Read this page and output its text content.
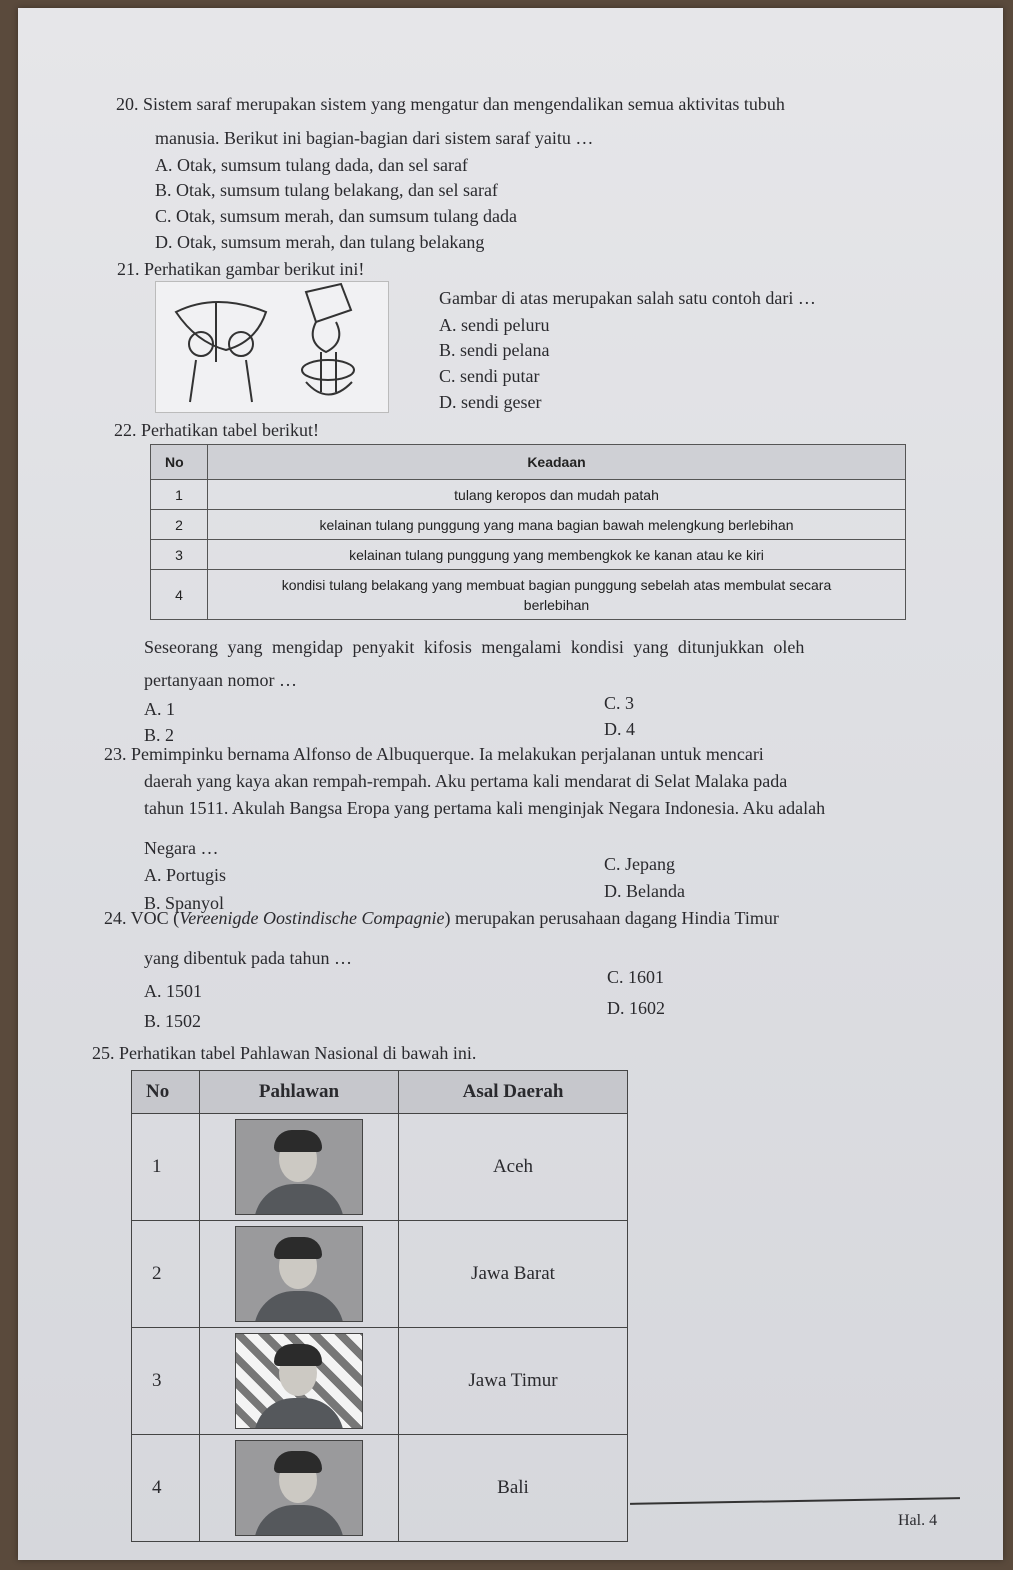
20. Sistem saraf merupakan sistem yang mengatur dan mengendalikan semua aktivitas tubuh
manusia. Berikut ini bagian-bagian dari sistem saraf yaitu …
A. Otak, sumsum tulang dada, dan sel saraf
B. Otak, sumsum tulang belakang, dan sel saraf
C. Otak, sumsum merah, dan sumsum tulang dada
D. Otak, sumsum merah, dan tulang belakang
21. Perhatikan gambar berikut ini!
Gambar di atas merupakan salah satu contoh dari …
A. sendi peluru
B. sendi pelana
C. sendi putar
D. sendi geser
22. Perhatikan tabel berikut!
No	Keadaan
1	tulang keropos dan mudah patah
2	kelainan tulang punggung yang mana bagian bawah melengkung berlebihan
3	kelainan tulang punggung yang membengkok ke kanan atau ke kiri
4	kondisi tulang belakang yang membuat bagian punggung sebelah atas membulat secara
berlebihan
Seseorang yang mengidap penyakit kifosis mengalami kondisi yang ditunjukkan oleh
pertanyaan nomor …
A. 1
B. 2
C. 3
D. 4
23. Pemimpinku bernama Alfonso de Albuquerque. Ia melakukan perjalanan untuk mencari
daerah yang kaya akan rempah-rempah. Aku pertama kali mendarat di Selat Malaka pada
tahun 1511. Akulah Bangsa Eropa yang pertama kali menginjak Negara Indonesia. Aku adalah
Negara …
A. Portugis
B. Spanyol
C. Jepang
D. Belanda
24. VOC (Vereenigde Oostindische Compagnie) merupakan perusahaan dagang Hindia Timur
yang dibentuk pada tahun …
A. 1501
B. 1502
C. 1601
D. 1602
25. Perhatikan tabel Pahlawan Nasional di bawah ini.
No	Pahlawan	Asal Daerah
1		Aceh
2		Jawa Barat
3		Jawa Timur
4		Bali
Hal. 4
